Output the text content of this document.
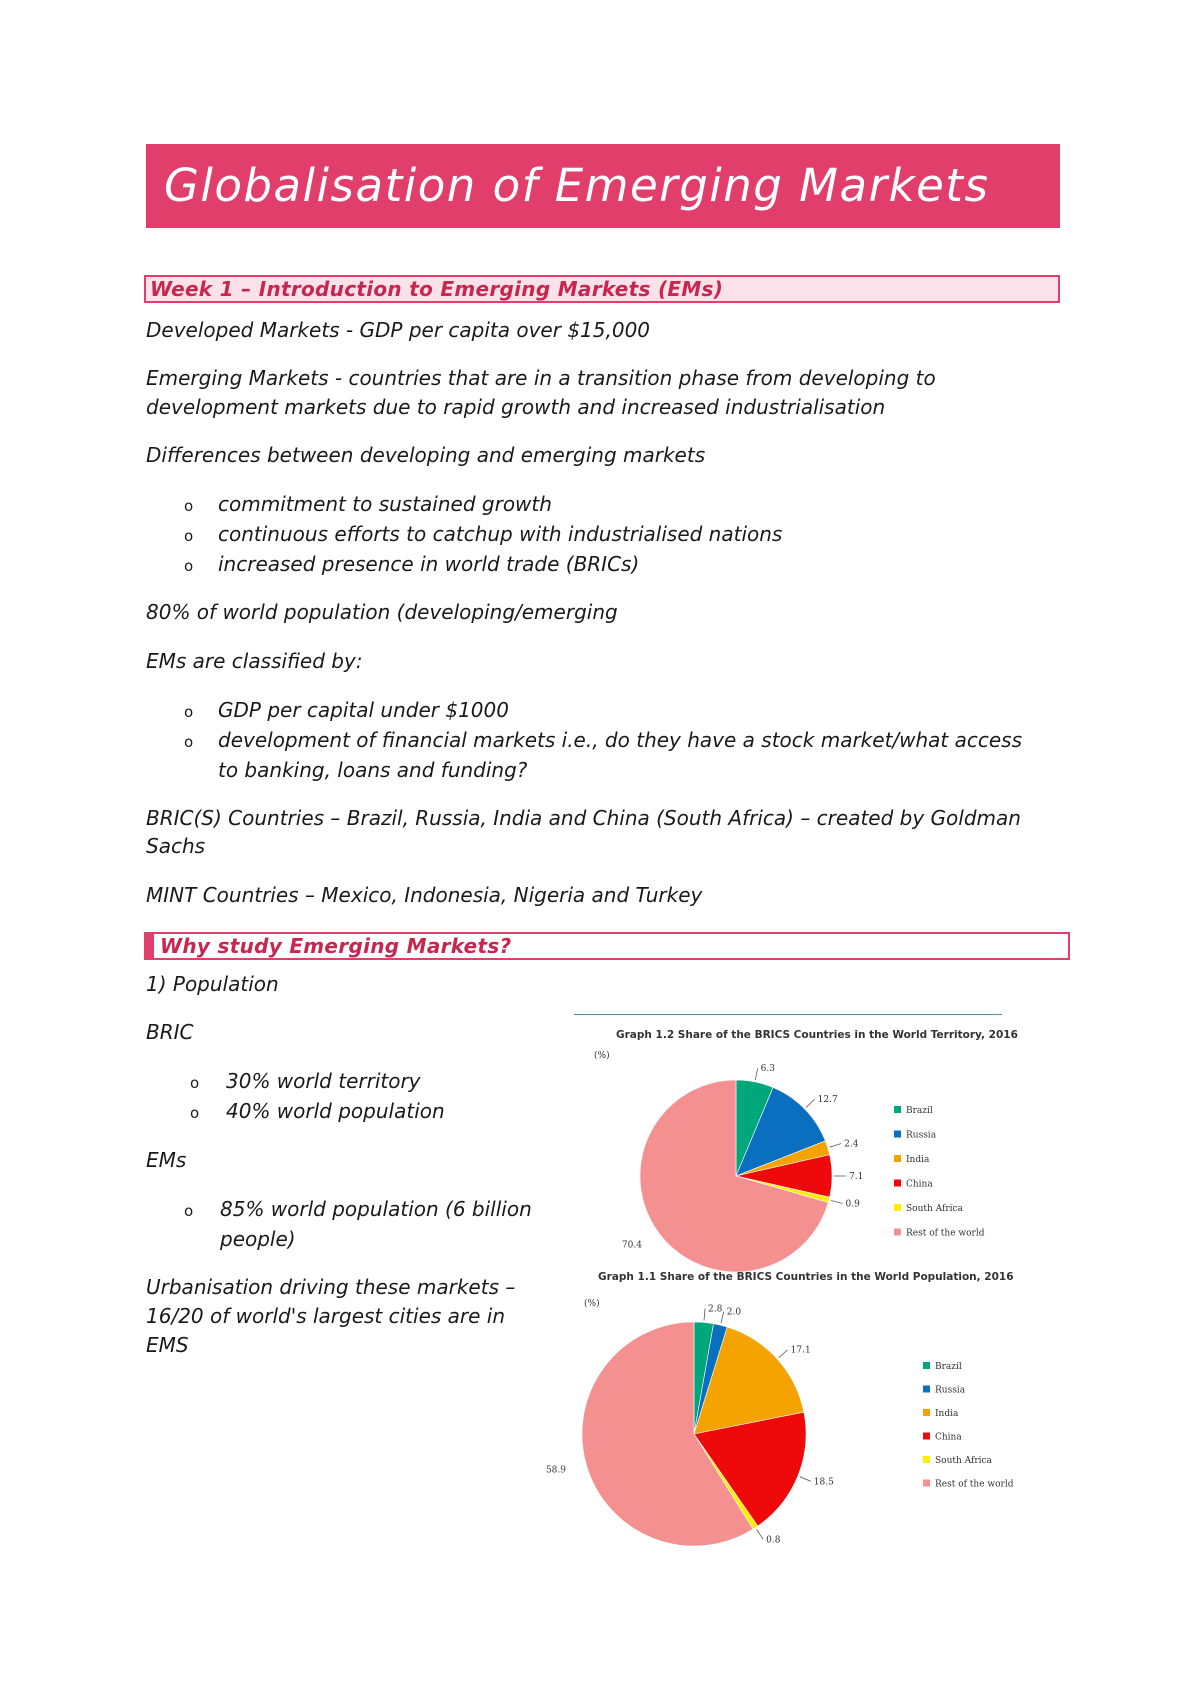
Globalisation of Emerging Markets
Week 1 – Introduction to Emerging Markets (EMs)
Developed Markets - GDP per capita over $15,000
Emerging Markets - countries that are in a transition phase from developing to
development markets due to rapid growth and increased industrialisation
Differences between developing and emerging markets
o commitment to sustained growth
o continuous efforts to catchup with industrialised nations
o increased presence in world trade (BRICs)
80% of world population (developing/emerging
EMs are classified by:
o GDP per capital under $1000
o development of financial markets i.e., do they have a stock market/what access
to banking, loans and funding?
BRIC(S) Countries – Brazil, Russia, India and China (South Africa) – created by Goldman
Sachs
MINT Countries – Mexico, Indonesia, Nigeria and Turkey
Why study Emerging Markets?
1) Population
BRIC
o 30% world territory
o 40% world population
EMs
o 85% world population (6 billion
people)
Urbanisation driving these markets –
16/20 of world's largest cities are in
EMS
Graph 1.2 Share of the BRICS Countries in the World Territory, 2016
(%)
6.3
12.7
2.4
7.1
0.9
70.4
Brazil
Russia
India
China
South Africa
Rest of the world
Graph 1.1 Share of the BRICS Countries in the World Population, 2016
(%)
2.8 2.0
17.1
18.5
0.8
58.9
Brazil
Russia
India
China
South Africa
Rest of the world
